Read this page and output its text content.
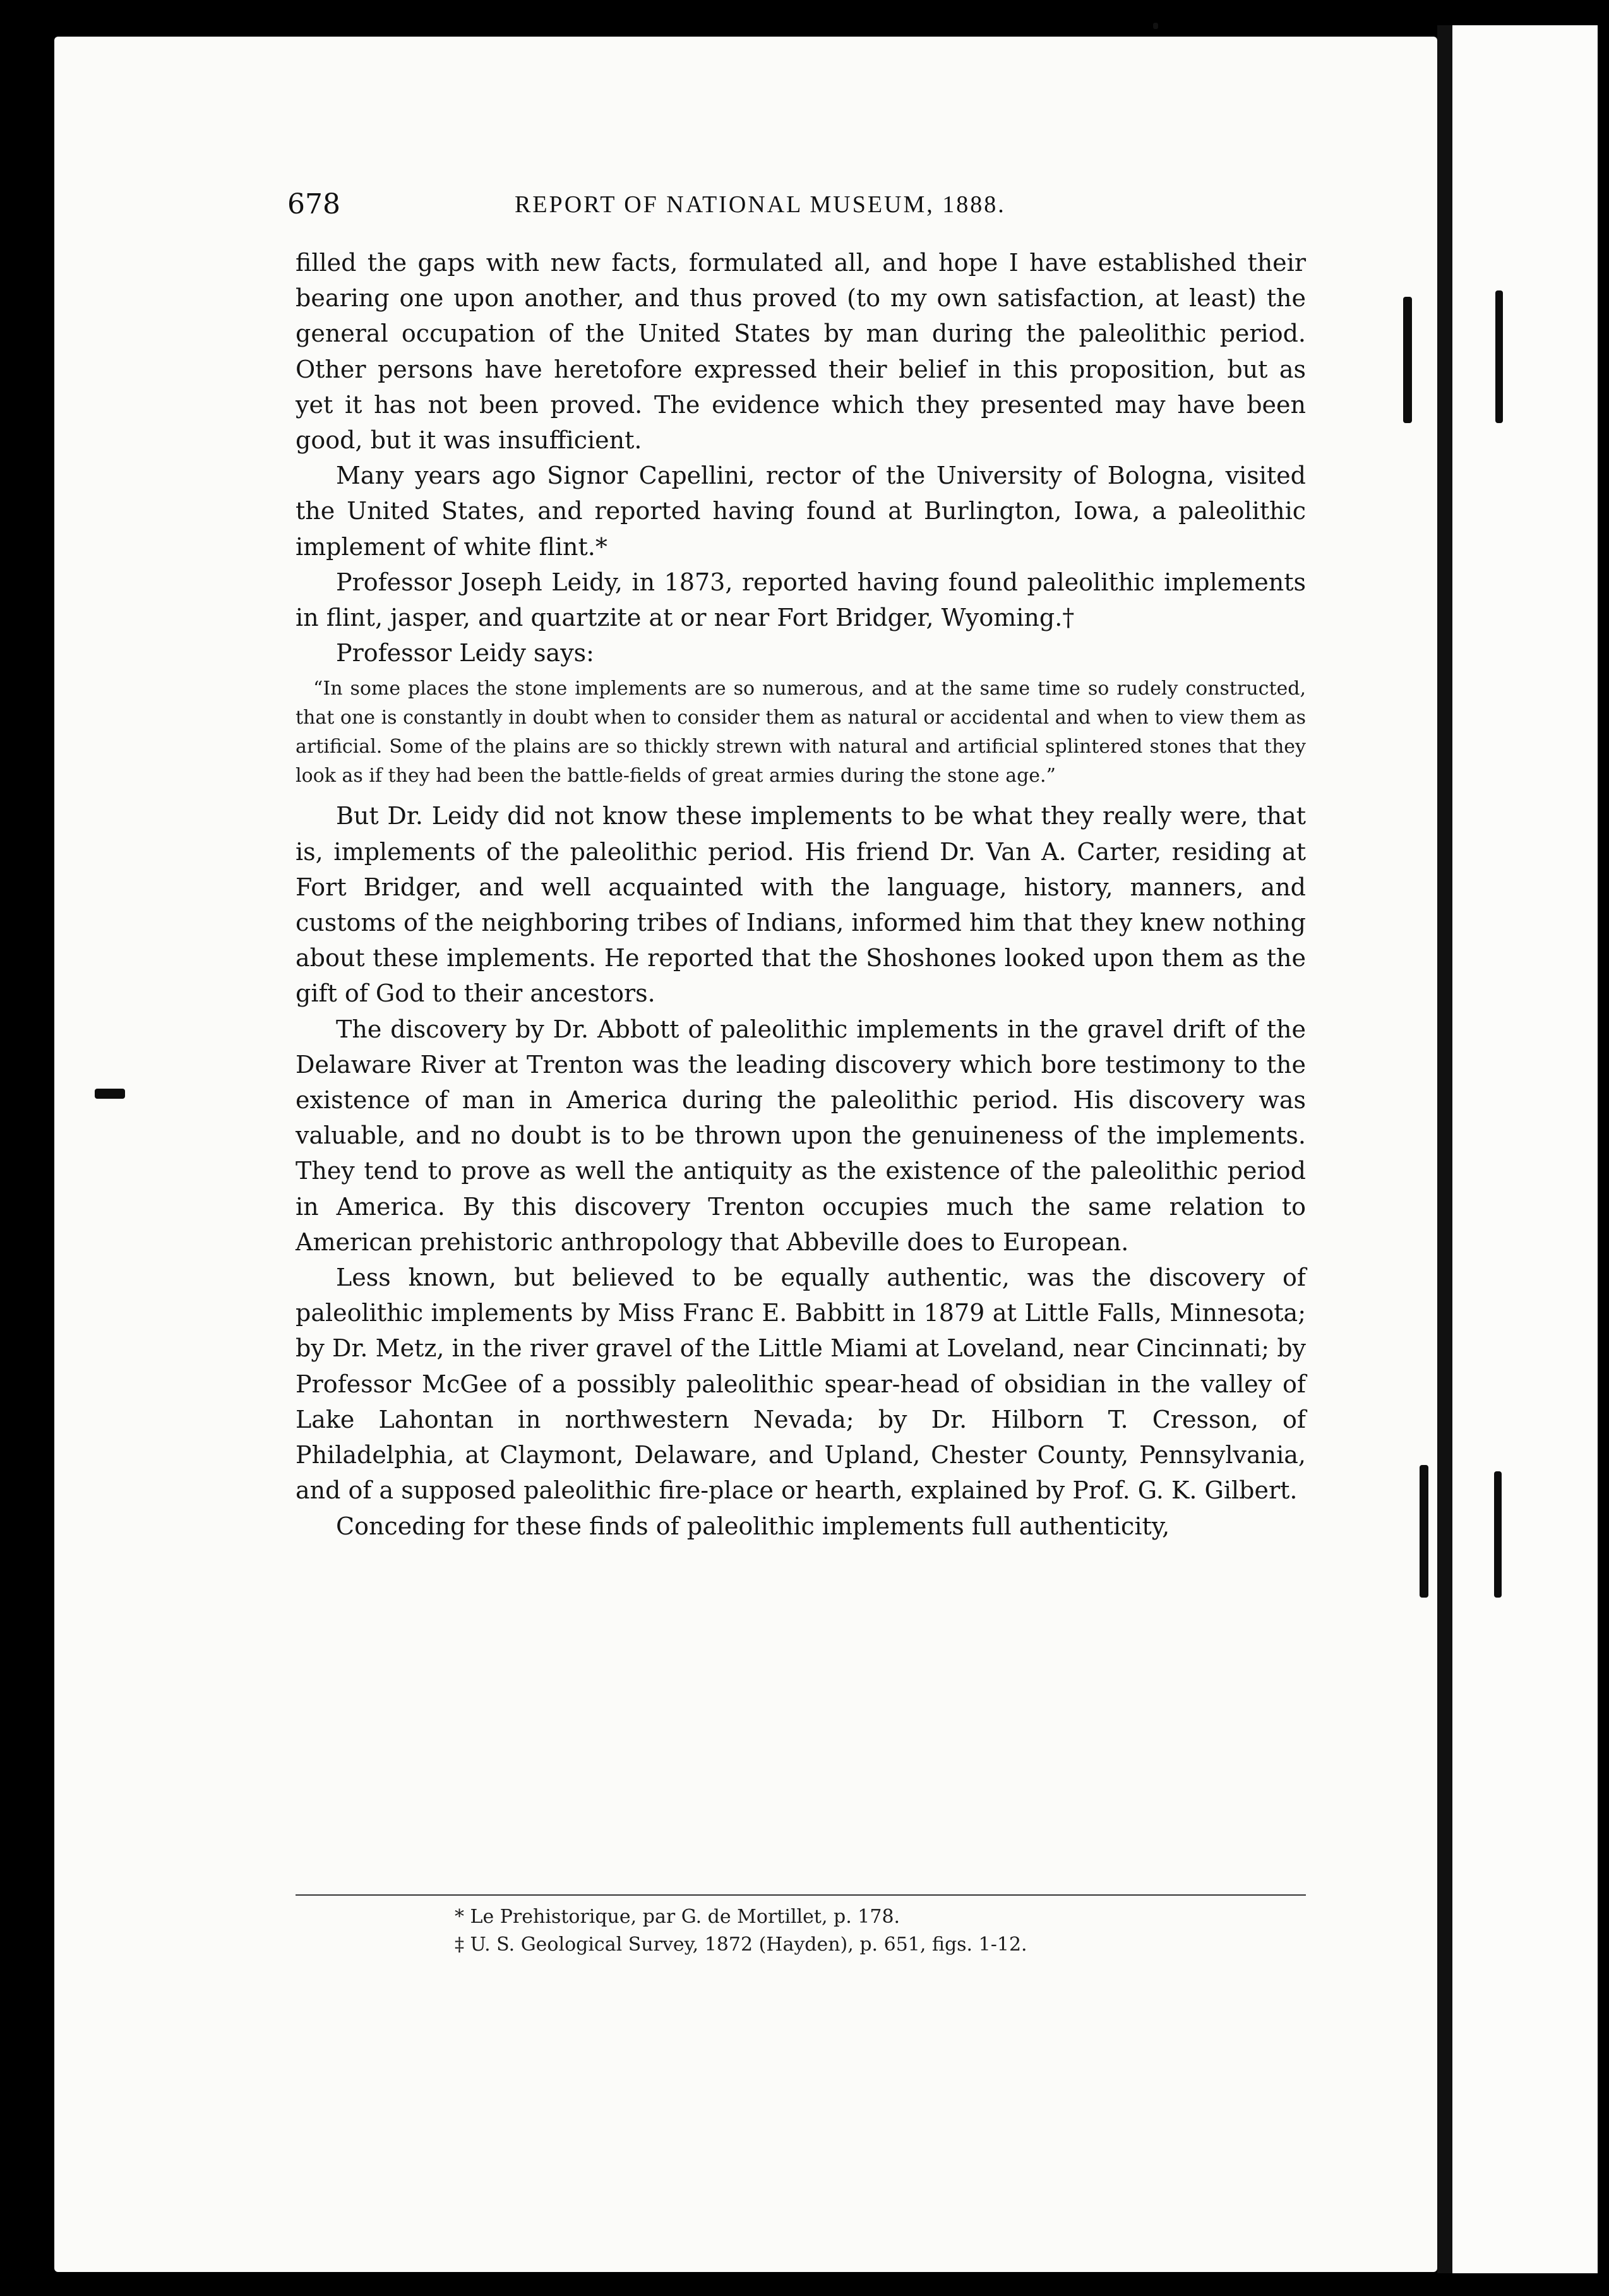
678	REPORT OF NATIONAL MUSEUM, 1888.

filled the gaps with new facts, formulated all, and hope I have established their bearing one upon another, and thus proved (to my own satisfaction, at least) the general occupation of the United States by man during the paleolithic period. Other persons have heretofore expressed their belief in this proposition, but as yet it has not been proved. The evidence which they presented may have been good, but it was insufficient.

Many years ago Signor Capellini, rector of the University of Bologna, visited the United States, and reported having found at Burlington, Iowa, a paleolithic implement of white flint.*

Professor Joseph Leidy, in 1873, reported having found paleolithic implements in flint, jasper, and quartzite at or near Fort Bridger, Wyoming.†

Professor Leidy says:

“In some places the stone implements are so numerous, and at the same time so rudely constructed, that one is constantly in doubt when to consider them as natural or accidental and when to view them as artificial. Some of the plains are so thickly strewn with natural and artificial splintered stones that they look as if they had been the battle-fields of great armies during the stone age.”

But Dr. Leidy did not know these implements to be what they really were, that is, implements of the paleolithic period. His friend Dr. Van A. Carter, residing at Fort Bridger, and well acquainted with the language, history, manners, and customs of the neighboring tribes of Indians, informed him that they knew nothing about these implements. He reported that the Shoshones looked upon them as the gift of God to their ancestors.

The discovery by Dr. Abbott of paleolithic implements in the gravel drift of the Delaware River at Trenton was the leading discovery which bore testimony to the existence of man in America during the paleolithic period. His discovery was valuable, and no doubt is to be thrown upon the genuineness of the implements. They tend to prove as well the antiquity as the existence of the paleolithic period in America. By this discovery Trenton occupies much the same relation to American prehistoric anthropology that Abbeville does to European.

Less known, but believed to be equally authentic, was the discovery of paleolithic implements by Miss Franc E. Babbitt in 1879 at Little Falls, Minnesota; by Dr. Metz, in the river gravel of the Little Miami at Loveland, near Cincinnati; by Professor McGee of a possibly paleolithic spear-head of obsidian in the valley of Lake Lahontan in northwestern Nevada; by Dr. Hilborn T. Cresson, of Philadelphia, at Claymont, Delaware, and Upland, Chester County, Pennsylvania, and of a supposed paleolithic fire-place or hearth, explained by Prof. G. K. Gilbert.

Conceding for these finds of paleolithic implements full authenticity,

* Le Prehistorique, par G. de Mortillet, p. 178.

‡ U. S. Geological Survey, 1872 (Hayden), p. 651, figs. 1-12.
